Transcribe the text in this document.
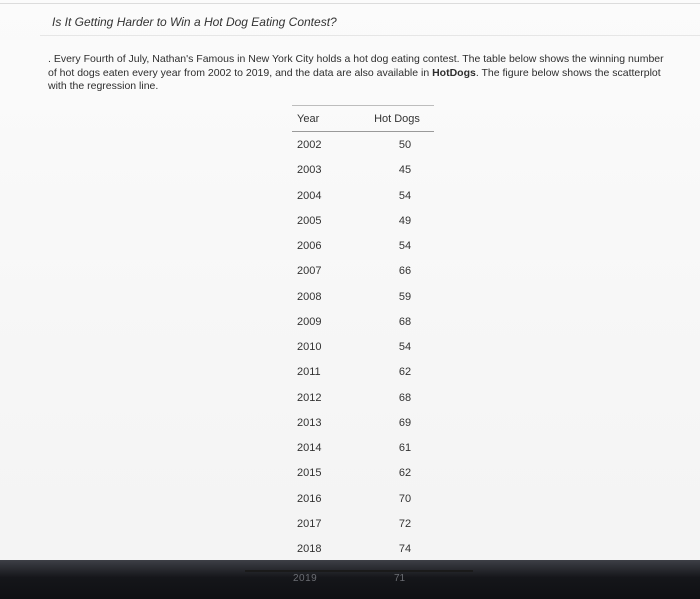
Is It Getting Harder to Win a Hot Dog Eating Contest?
. Every Fourth of July, Nathan's Famous in New York City holds a hot dog eating contest. The table below shows the winning number of hot dogs eaten every year from 2002 to 2019, and the data are also available in HotDogs. The figure below shows the scatterplot with the regression line.
Year	Hot Dogs
2002	50
2003	45
2004	54
2005	49
2006	54
2007	66
2008	59
2009	68
2010	54
2011	62
2012	68
2013	69
2014	61
2015	62
2016	70
2017	72
2018	74
2019	71
